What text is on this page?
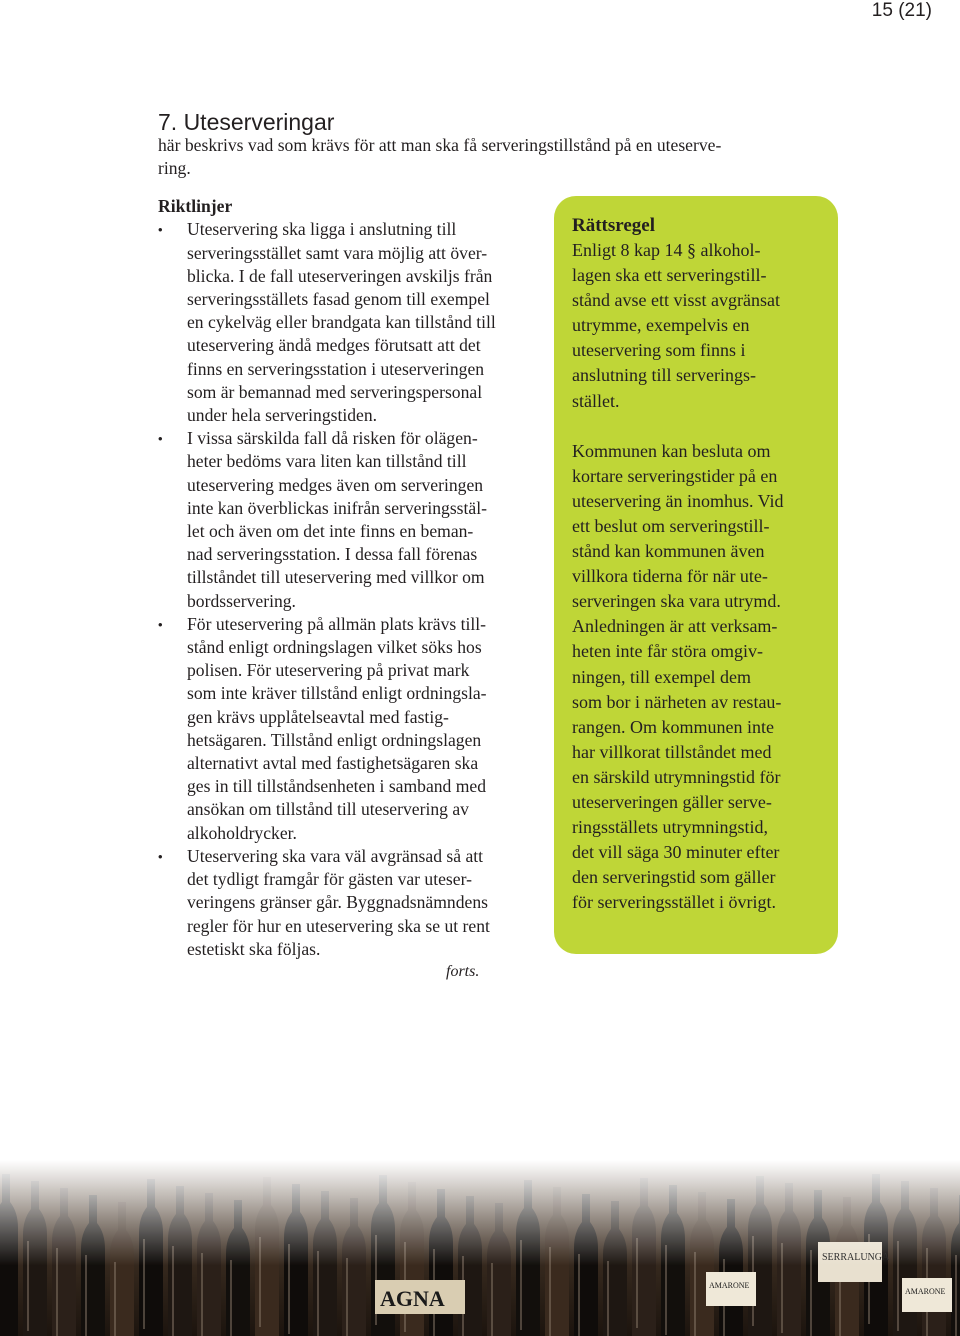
15 (21)
7. Uteserveringar
här beskrivs vad som krävs för att man ska få serveringstillstånd på en uteserve-
ring.

Riktlinjer

• Uteservering ska ligga i anslutning till
serveringsstället samt vara möjlig att över-
blicka. I de fall uteserveringen avskiljs från
serveringsställets fasad genom till exempel
en cykelväg eller brandgata kan tillstånd till
uteservering ändå medges förutsatt att det
finns en serveringsstation i uteserveringen
som är bemannad med serveringspersonal
under hela serveringstiden.
• I vissa särskilda fall då risken för olägen-
heter bedöms vara liten kan tillstånd till
uteservering medges även om serveringen
inte kan överblickas inifrån serveringsstäl-
let och även om det inte finns en beman-
nad serveringsstation. I dessa fall förenas
tillståndet till uteservering med villkor om
bordsservering.
• För uteservering på allmän plats krävs till-
stånd enligt ordningslagen vilket söks hos
polisen. För uteservering på privat mark
som inte kräver tillstånd enligt ordningsla-
gen krävs upplåtelseavtal med fastig-
hetsägaren. Tillstånd enligt ordningslagen
alternativt avtal med fastighetsägaren ska
ges in till tillståndsenheten i samband med
ansökan om tillstånd till uteservering av
alkoholdrycker.
• Uteservering ska vara väl avgränsad så att
det tydligt framgår för gästen var uteser-
veringens gränser går. Byggnadsnämndens
regler för hur en uteservering ska se ut rent
estetiskt ska följas.
forts.

Rättsregel

Enligt 8 kap 14 § alkohol-
lagen ska ett serveringstill-
stånd avse ett visst avgränsat
utrymme, exempelvis en
uteservering som finns i
anslutning till serverings-
stället.
Kommunen kan besluta om
kortare serveringstider på en
uteservering än inomhus. Vid
ett beslut om serveringstill-
stånd kan kommunen även
villkora tiderna för när ute-
serveringen ska vara utrymd.
Anledningen är att verksam-
heten inte får störa omgiv-
ningen, till exempel dem
som bor i närheten av restau-
rangen. Om kommunen inte
har villkorat tillståndet med
en särskild utrymningstid för
uteserveringen gäller serve-
ringsställets utrymningstid,
det vill säga 30 minuter efter
den serveringstid som gäller
för serveringsstället i övrigt.
